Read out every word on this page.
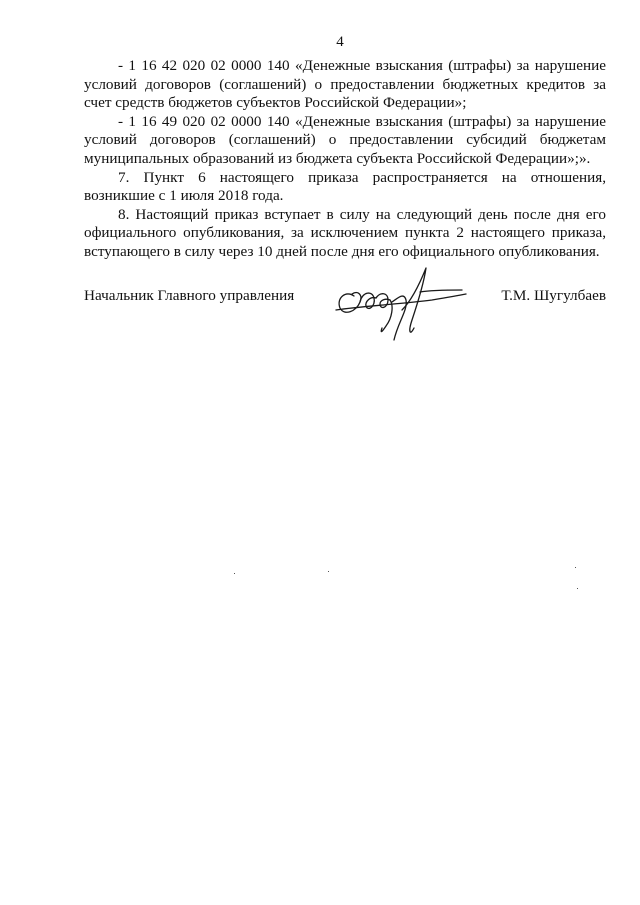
4

- 1 16 42 020 02 0000 140 «Денежные взыскания (штрафы) за нарушение условий договоров (соглашений) о предоставлении бюджетных кредитов за счет средств бюджетов субъектов Российской Федерации»;

- 1 16 49 020 02 0000 140 «Денежные взыскания (штрафы) за нарушение условий договоров (соглашений) о предоставлении субсидий бюджетам муниципальных образований из бюджета субъекта Российской Федерации»;».

7. Пункт 6 настоящего приказа распространяется на отношения, возникшие с 1 июля 2018 года.

8. Настоящий приказ вступает в силу на следующий день после дня его официального опубликования, за исключением пункта 2 настоящего приказа, вступающего в силу через 10 дней после дня его официального опубликования.

Начальник Главного управления	Т.М. Шугулбаев
